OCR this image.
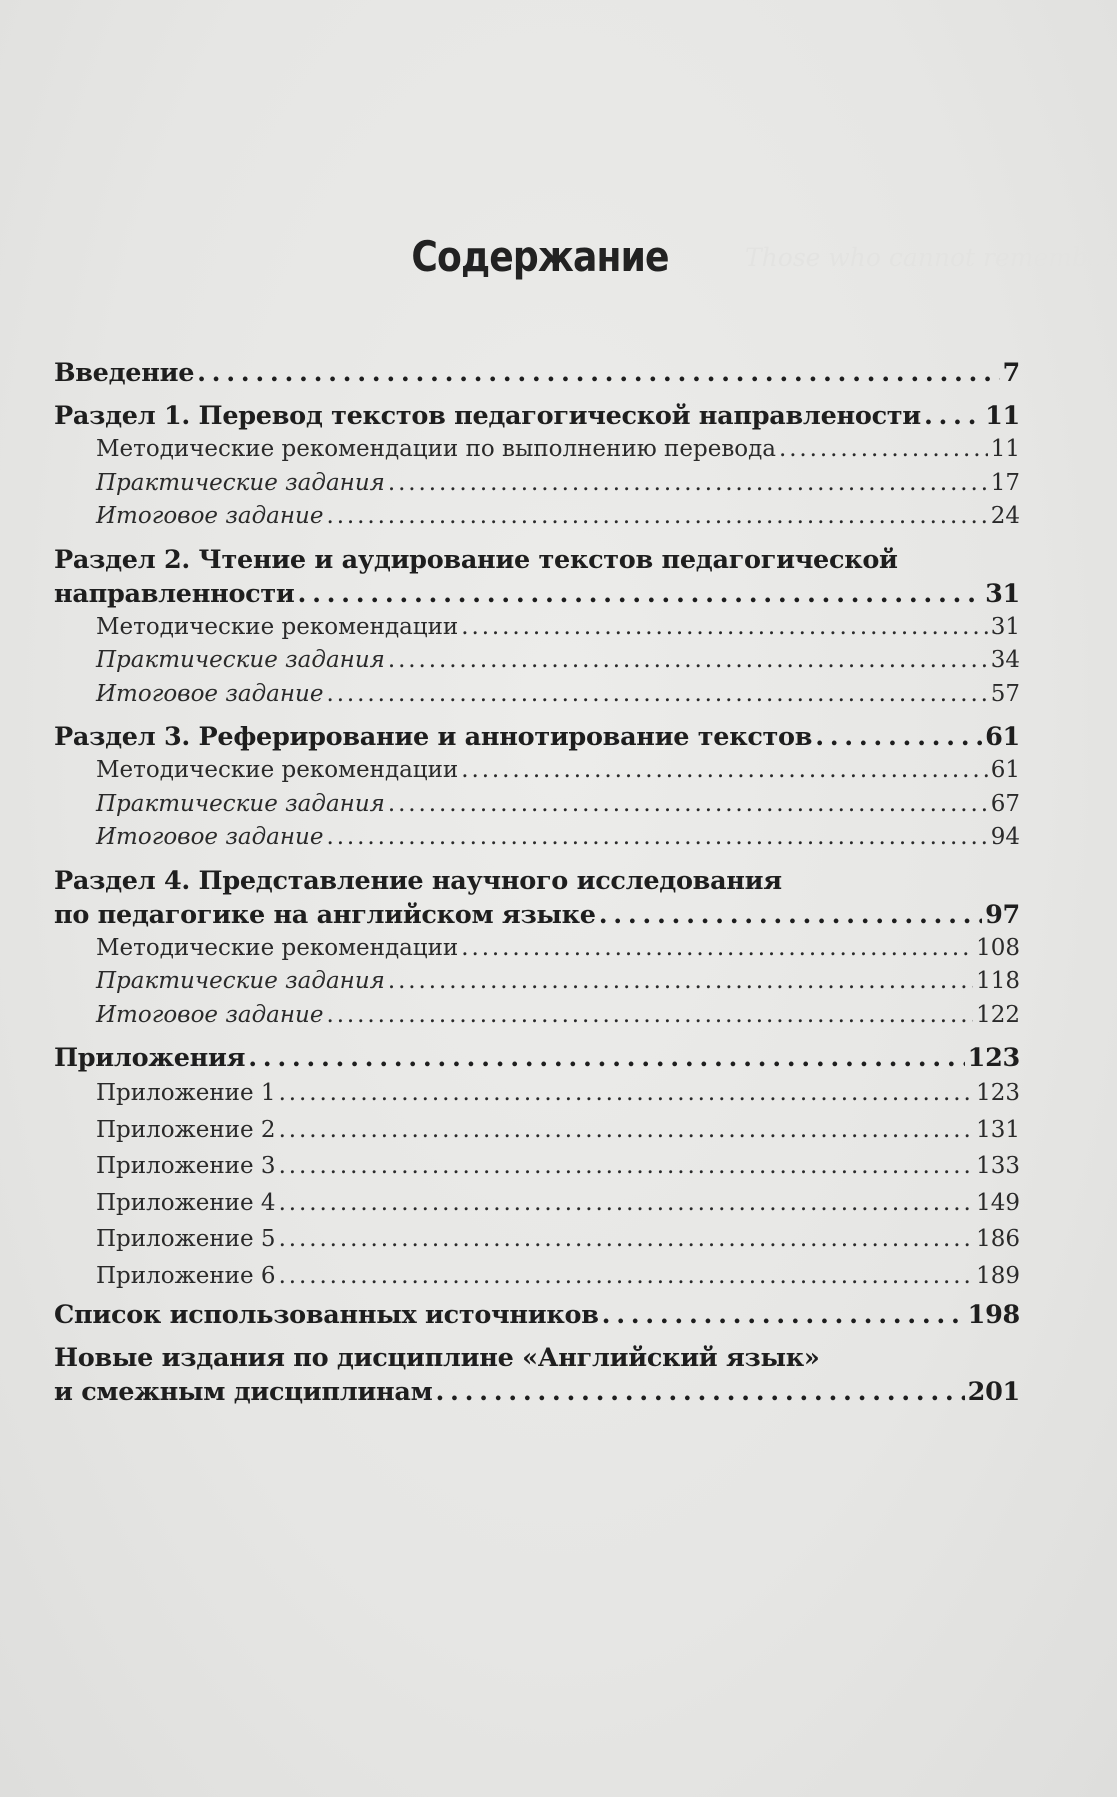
Those who cannot remember
Содержание
Введение . . .	7
Раздел 1. Перевод текстов педагогической направлености . . .	11
Методические рекомендации по выполнению перевода . . .	11
Практические задания . . .	17
Итоговое задание . . .	24
Раздел 2. Чтение и аудирование текстов педагогической
направленности . . .	31
Методические рекомендации . . .	31
Практические задания . . .	34
Итоговое задание . . .	57
Раздел 3. Реферирование и аннотирование текстов . . .	61
Методические рекомендации . . .	61
Практические задания . . .	67
Итоговое задание . . .	94
Раздел 4. Представление научного исследования
по педагогике на английском языке . . .	97
Методические рекомендации . . .	108
Практические задания . . .	118
Итоговое задание . . .	122
Приложения . . .	123
Приложение 1 . . .	123
Приложение 2 . . .	131
Приложение 3 . . .	133
Приложение 4 . . .	149
Приложение 5 . . .	186
Приложение 6 . . .	189
Список использованных источников . . .	198
Новые издания по дисциплине «Английский язык»
и смежным дисциплинам . . .	201
